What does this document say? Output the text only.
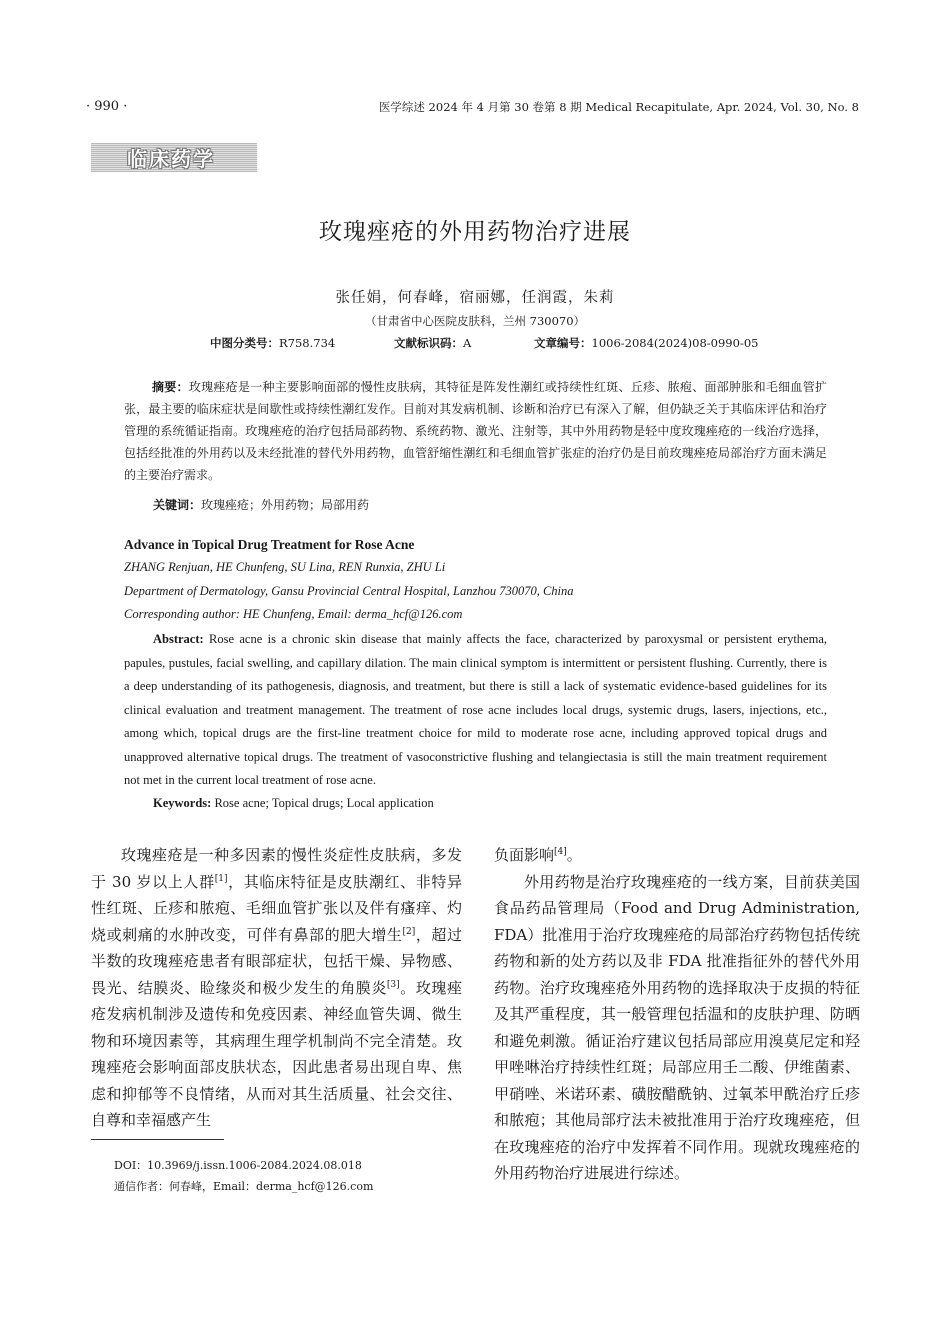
· 990 ·	医学综述 2024 年 4 月第 30 卷第 8 期 Medical Recapitulate, Apr. 2024, Vol. 30, No. 8
临床药学
玫瑰痤疮的外用药物治疗进展
张任娟，何春峰，宿丽娜，任润霞，朱莉
（甘肃省中心医院皮肤科，兰州 730070）
中图分类号：R758.734	文献标识码：A	文章编号：1006-2084(2024)08-0990-05

摘要：玫瑰痤疮是一种主要影响面部的慢性皮肤病，其特征是阵发性潮红或持续性红斑、丘疹、脓疱、面部肿胀和毛细血管扩张，最主要的临床症状是间歇性或持续性潮红发作。目前对其发病机制、诊断和治疗已有深入了解，但仍缺乏关于其临床评估和治疗管理的系统循证指南。玫瑰痤疮的治疗包括局部药物、系统药物、激光、注射等，其中外用药物是轻中度玫瑰痤疮的一线治疗选择，包括经批准的外用药以及未经批准的替代外用药物，血管舒缩性潮红和毛细血管扩张症的治疗仍是目前玫瑰痤疮局部治疗方面未满足的主要治疗需求。

关键词：玫瑰痤疮；外用药物；局部用药
Advance in Topical Drug Treatment for Rose Acne
ZHANG Renjuan, HE Chunfeng, SU Lina, REN Runxia, ZHU Li
Department of Dermatology, Gansu Provincial Central Hospital, Lanzhou 730070, China
Corresponding author: HE Chunfeng, Email: derma_hcf@126.com

Abstract: Rose acne is a chronic skin disease that mainly affects the face, characterized by paroxysmal or persistent erythema, papules, pustules, facial swelling, and capillary dilation. The main clinical symptom is intermittent or persistent flushing. Currently, there is a deep understanding of its pathogenesis, diagnosis, and treatment, but there is still a lack of systematic evidence-based guidelines for its clinical evaluation and treatment management. The treatment of rose acne includes local drugs, systemic drugs, lasers, injections, etc., among which, topical drugs are the first-line treatment choice for mild to moderate rose acne, including approved topical drugs and unapproved alternative topical drugs. The treatment of vasoconstrictive flushing and telangiectasia is still the main treatment requirement not met in the current local treatment of rose acne.

Keywords: Rose acne; Topical drugs; Local application

玫瑰痤疮是一种多因素的慢性炎症性皮肤病，多发于 30 岁以上人群[1]，其临床特征是皮肤潮红、非特异性红斑、丘疹和脓疱、毛细血管扩张以及伴有瘙痒、灼烧或刺痛的水肿改变，可伴有鼻部的肥大增生[2]，超过半数的玫瑰痤疮患者有眼部症状，包括干燥、异物感、畏光、结膜炎、睑缘炎和极少发生的角膜炎[3]。玫瑰痤疮发病机制涉及遗传和免疫因素、神经血管失调、微生物和环境因素等，其病理生理学机制尚不完全清楚。玫瑰痤疮会影响面部皮肤状态，因此患者易出现自卑、焦虑和抑郁等不良情绪，从而对其生活质量、社会交往、自尊和幸福感产生

负面影响[4]。

外用药物是治疗玫瑰痤疮的一线方案，目前获美国食品药品管理局（Food and Drug Administration, FDA）批准用于治疗玫瑰痤疮的局部治疗药物包括传统药物和新的处方药以及非 FDA 批准指征外的替代外用药物。治疗玫瑰痤疮外用药物的选择取决于皮损的特征及其严重程度，其一般管理包括温和的皮肤护理、防晒和避免刺激。循证治疗建议包括局部应用溴莫尼定和羟甲唑啉治疗持续性红斑；局部应用壬二酸、伊维菌素、甲硝唑、米诺环素、磺胺醋酰钠、过氧苯甲酰治疗丘疹和脓疱；其他局部疗法未被批准用于治疗玫瑰痤疮，但在玫瑰痤疮的治疗中发挥着不同作用。现就玫瑰痤疮的外用药物治疗进展进行综述。

DOI：10.3969/j.issn.1006-2084.2024.08.018
通信作者：何春峰，Email：derma_hcf@126.com
